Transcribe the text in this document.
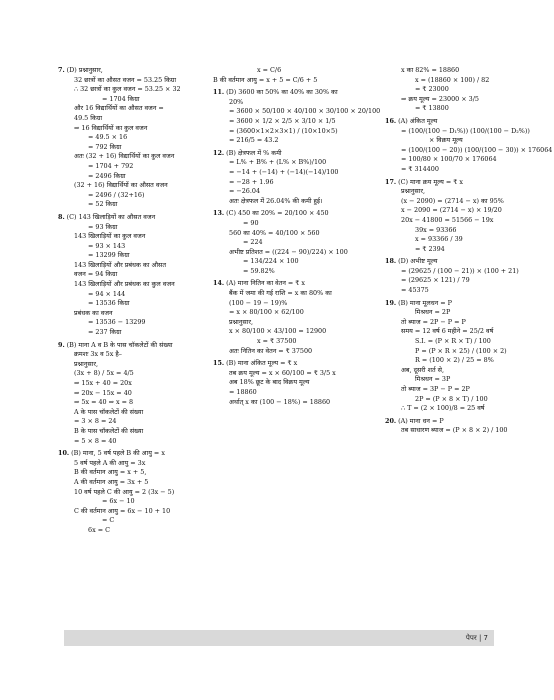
7. (D) प्रश्नानुसार,
32 छात्रों का औसत वजन = 53.25 किग्रा
∴ 32 छात्रों का कुल वजन = 53.25 × 32
= 1704 किग्रा
और 16 विद्यार्थियों का औसत वजन =
49.5 किग्रा
⇒ 16 विद्यार्थियों का कुल वजन
= 49.5 × 16
= 792 किग्रा
अतः (32 + 16) विद्यार्थियों का कुल वजन
= 1704 + 792
= 2496 किग्रा
(32 + 16) विद्यार्थियों का औसत वजन
= 2496 / (32+16)
= 52 किग्रा
8. (C) 143 खिलाड़ियों का औसत वजन
= 93 किग्रा
143 खिलाड़ियों का कुल वजन
= 93 × 143
= 13299 किग्रा
143 खिलाड़ियों और प्रबंधक का औसत
वजन = 94 किग्रा
143 खिलाड़ियों और प्रबंधक का कुल वजन
= 94 × 144
= 13536 किग्रा
प्रबंधक का वजन
= 13536 − 13299
= 237 किग्रा
9. (B) माना A व B के पास चॉकलेटों की संख्या
क्रमशः 3x व 5x है–
प्रश्नानुसार,
(3x + 8) / 5x = 4/5
⇒ 15x + 40 = 20x
⇒ 20x − 15x = 40
⇒ 5x = 40 ⇒ x = 8
A के पास चॉकलेटों की संख्या
= 3 × 8 = 24
B के पास चॉकलेटों की संख्या
= 5 × 8 = 40
10. (B) माना, 5 वर्ष पहले B की आयु = x
5 वर्ष पहले A की आयु = 3x
B की वर्तमान आयु = x + 5,
A की वर्तमान आयु = 3x + 5
10 वर्ष पहले C की आयु = 2 (3x − 5)
= 6x − 10
C की वर्तमान आयु = 6x − 10 + 10
= C
6x = C
x = C/6
B की वर्तमान आयु = x + 5 = C/6 + 5
11. (D) 3600 का 50% का 40% का 30% का
20%
= 3600 × 50/100 × 40/100 × 30/100 × 20/100
= 3600 × 1/2 × 2/5 × 3/10 × 1/5
= (3600×1×2×3×1) / (10×10×5)
= 216/5 = 43.2
12. (B) क्षेत्रफल में % कमी
= L% + B% + (L% × B%)/100
= −14 + (−14) + (−14)(−14)/100
= −28 + 1.96
= −26.04
अतः क्षेत्रफल में 26.04% की कमी हुई।
13. (C) 450 का 20% = 20/100 × 450
= 90
560 का 40% = 40/100 × 560
= 224
अभीष्ट प्रतिशत = ((224 − 90)/224) × 100
= 134/224 × 100
= 59.82%
14. (A) माना नितिन का वेतन = ₹ x
बैंक में जमा की गई राशि = x का 80% का
(100 − 19 − 19)%
= x × 80/100 × 62/100
प्रश्नानुसार,
x × 80/100 × 43/100 = 12900
x = ₹ 37500
अतः नितिन का वेतन = ₹ 37500
15. (B) माना अंकित मूल्य = ₹ x
तब क्रय मूल्य = x × 60/100 = ₹ 3/5 x
अब 18% छूट के बाद विक्रय मूल्य
= 18860
अर्थात् x का (100 − 18%) = 18860
x का 82% = 18860
x = (18860 × 100) / 82
= ₹ 23000
⇒ क्रय मूल्य = 23000 × 3/5
= ₹ 13800
16. (A) अंकित मूल्य
= (100/(100 − D₁%)) (100/(100 − D₂%))
× विक्रय मूल्य
= (100/(100 − 20)) (100/(100 − 30)) × 176064
= 100/80 × 100/70 × 176064
= ₹ 314400
17. (C) माना क्रय मूल्य = ₹ x
प्रश्नानुसार,
(x − 2090) = (2714 − x) का 95%
x − 2090 = (2714 − x) × 19/20
20x − 41800 = 51566 − 19x
39x = 93366
x = 93366 / 39
= ₹ 2394
18. (D) अभीष्ट मूल्य
= (29625 / (100 − 21)) × (100 + 21)
= (29625 × 121) / 79
= 45375
19. (B) माना मूलधन = P
मिश्रधन = 2P
तो ब्याज = 2P − P = P
समय = 12 वर्ष 6 महीने = 25/2 वर्ष
S.I. = (P × R × T) / 100
P = (P × R × 25) / (100 × 2)
R = (100 × 2) / 25 = 8%
अब, दूसरी शर्त से,
मिश्रधन = 3P
तो ब्याज = 3P − P = 2P
2P = (P × 8 × T) / 100
∴ T = (2 × 100)/8 = 25 वर्ष
20. (A) माना धन = P
तब साधारण ब्याज = (P × 8 × 2) / 100
पेपर | 7
